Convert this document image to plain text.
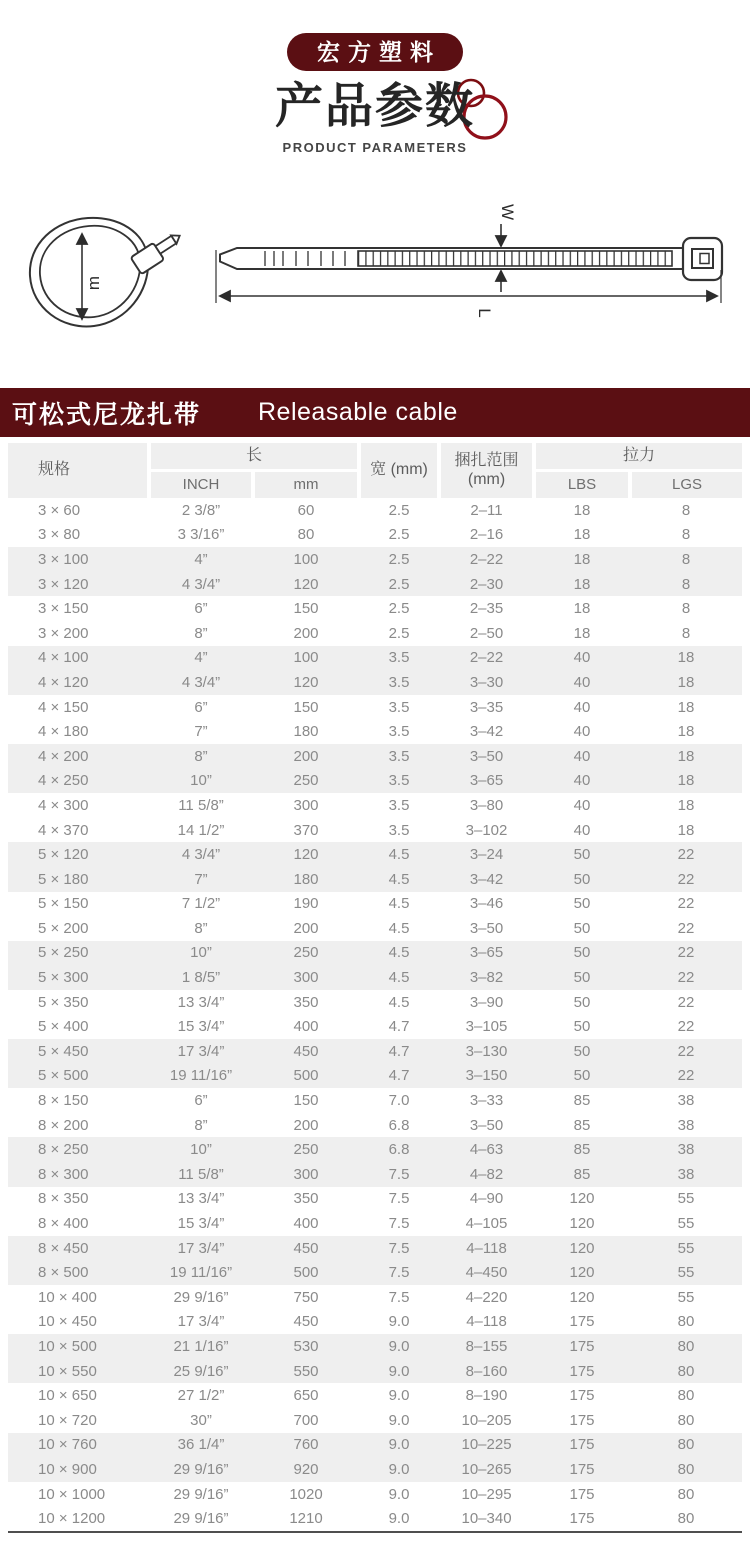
宏方塑料
产品参数
PRODUCT PARAMETERS
m
W
L
可松式尼龙扎带 Releasable cable
规格	长		宽 (mm)	捆扎范围
(mm)	拉力	
	INCH	mm			LBS	LGS
3 × 60	2 3/8”	60	2.5	2–11	18	8
3 × 80	3 3/16”	80	2.5	2–16	18	8
3 × 100	4”	100	2.5	2–22	18	8
3 × 120	4 3/4”	120	2.5	2–30	18	8
3 × 150	6”	150	2.5	2–35	18	8
3 × 200	8”	200	2.5	2–50	18	8
4 × 100	4”	100	3.5	2–22	40	18
4 × 120	4 3/4”	120	3.5	3–30	40	18
4 × 150	6”	150	3.5	3–35	40	18
4 × 180	7”	180	3.5	3–42	40	18
4 × 200	8”	200	3.5	3–50	40	18
4 × 250	10”	250	3.5	3–65	40	18
4 × 300	11 5/8”	300	3.5	3–80	40	18
4 × 370	14 1/2”	370	3.5	3–102	40	18
5 × 120	4 3/4”	120	4.5	3–24	50	22
5 × 180	7”	180	4.5	3–42	50	22
5 × 150	7 1/2”	190	4.5	3–46	50	22
5 × 200	8”	200	4.5	3–50	50	22
5 × 250	10”	250	4.5	3–65	50	22
5 × 300	1 8/5”	300	4.5	3–82	50	22
5 × 350	13 3/4”	350	4.5	3–90	50	22
5 × 400	15 3/4”	400	4.7	3–105	50	22
5 × 450	17 3/4”	450	4.7	3–130	50	22
5 × 500	19 11/16”	500	4.7	3–150	50	22
8 × 150	6”	150	7.0	3–33	85	38
8 × 200	8”	200	6.8	3–50	85	38
8 × 250	10”	250	6.8	4–63	85	38
8 × 300	11 5/8”	300	7.5	4–82	85	38
8 × 350	13 3/4”	350	7.5	4–90	120	55
8 × 400	15 3/4”	400	7.5	4–105	120	55
8 × 450	17 3/4”	450	7.5	4–118	120	55
8 × 500	19 11/16”	500	7.5	4–450	120	55
10 × 400	29 9/16”	750	7.5	4–220	120	55
10 × 450	17 3/4”	450	9.0	4–118	175	80
10 × 500	21 1/16”	530	9.0	8–155	175	80
10 × 550	25 9/16”	550	9.0	8–160	175	80
10 × 650	27 1/2”	650	9.0	8–190	175	80
10 × 720	30”	700	9.0	10–205	175	80
10 × 760	36 1/4”	760	9.0	10–225	175	80
10 × 900	29 9/16”	920	9.0	10–265	175	80
10 × 1000	29 9/16”	1020	9.0	10–295	175	80
10 × 1200	29 9/16”	1210	9.0	10–340	175	80
